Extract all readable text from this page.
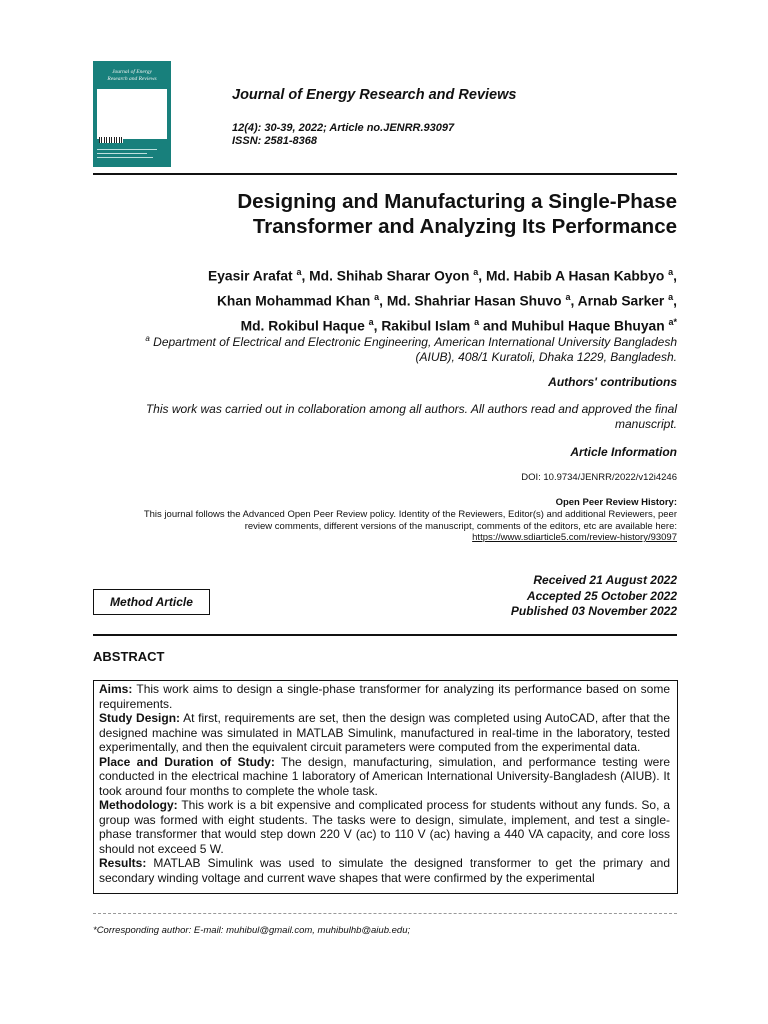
Journal of Energy
Research and Reviews
Journal of Energy Research and Reviews
12(4): 30-39, 2022; Article no.JENRR.93097
ISSN: 2581-8368
Designing and Manufacturing a Single-Phase
Transformer and Analyzing Its Performance
Eyasir Arafat $^a$, Md. Shihab Sharar Oyon $^a$, Md. Habib A Hasan Kabbyo $^a$,
Khan Mohammad Khan $^a$, Md. Shahriar Hasan Shuvo $^a$, Arnab Sarker $^a$,
Md. Rokibul Haque $^a$, Rakibul Islam $^a$ and Muhibul Haque Bhuyan $^{a*}$
$^a$ Department of Electrical and Electronic Engineering, American International University Bangladesh
(AIUB), 408/1 Kuratoli, Dhaka 1229, Bangladesh.
Authors' contributions
This work was carried out in collaboration among all authors. All authors read and approved the final
manuscript.
Article Information
DOI: 10.9734/JENRR/2022/v12i4246
Open Peer Review History:
This journal follows the Advanced Open Peer Review policy. Identity of the Reviewers, Editor(s) and additional Reviewers, peer
review comments, different versions of the manuscript, comments of the editors, etc are available here:
https://www.sdiarticle5.com/review-history/93097
Method Article
Received 21 August 2022
Accepted 25 October 2022
Published 03 November 2022
ABSTRACT

Aims: This work aims to design a single-phase transformer for analyzing its performance based on some requirements.

Study Design: At first, requirements are set, then the design was completed using AutoCAD, after that the designed machine was simulated in MATLAB Simulink, manufactured in real-time in the laboratory, tested experimentally, and then the equivalent circuit parameters were computed from the experimental data.

Place and Duration of Study: The design, manufacturing, simulation, and performance testing were conducted in the electrical machine 1 laboratory of American International University-Bangladesh (AIUB). It took around four months to complete the whole task.

Methodology: This work is a bit expensive and complicated process for students without any funds. So, a group was formed with eight students. The tasks were to design, simulate, implement, and test a single-phase transformer that would step down 220 V (ac) to 110 V (ac) having a 440 VA capacity, and core loss should not exceed 5 W.

Results: MATLAB Simulink was used to simulate the designed transformer to get the primary and secondary winding voltage and current wave shapes that were confirmed by the experimental

*Corresponding author: E-mail: muhibul@gmail.com, muhibulhb@aiub.edu;
